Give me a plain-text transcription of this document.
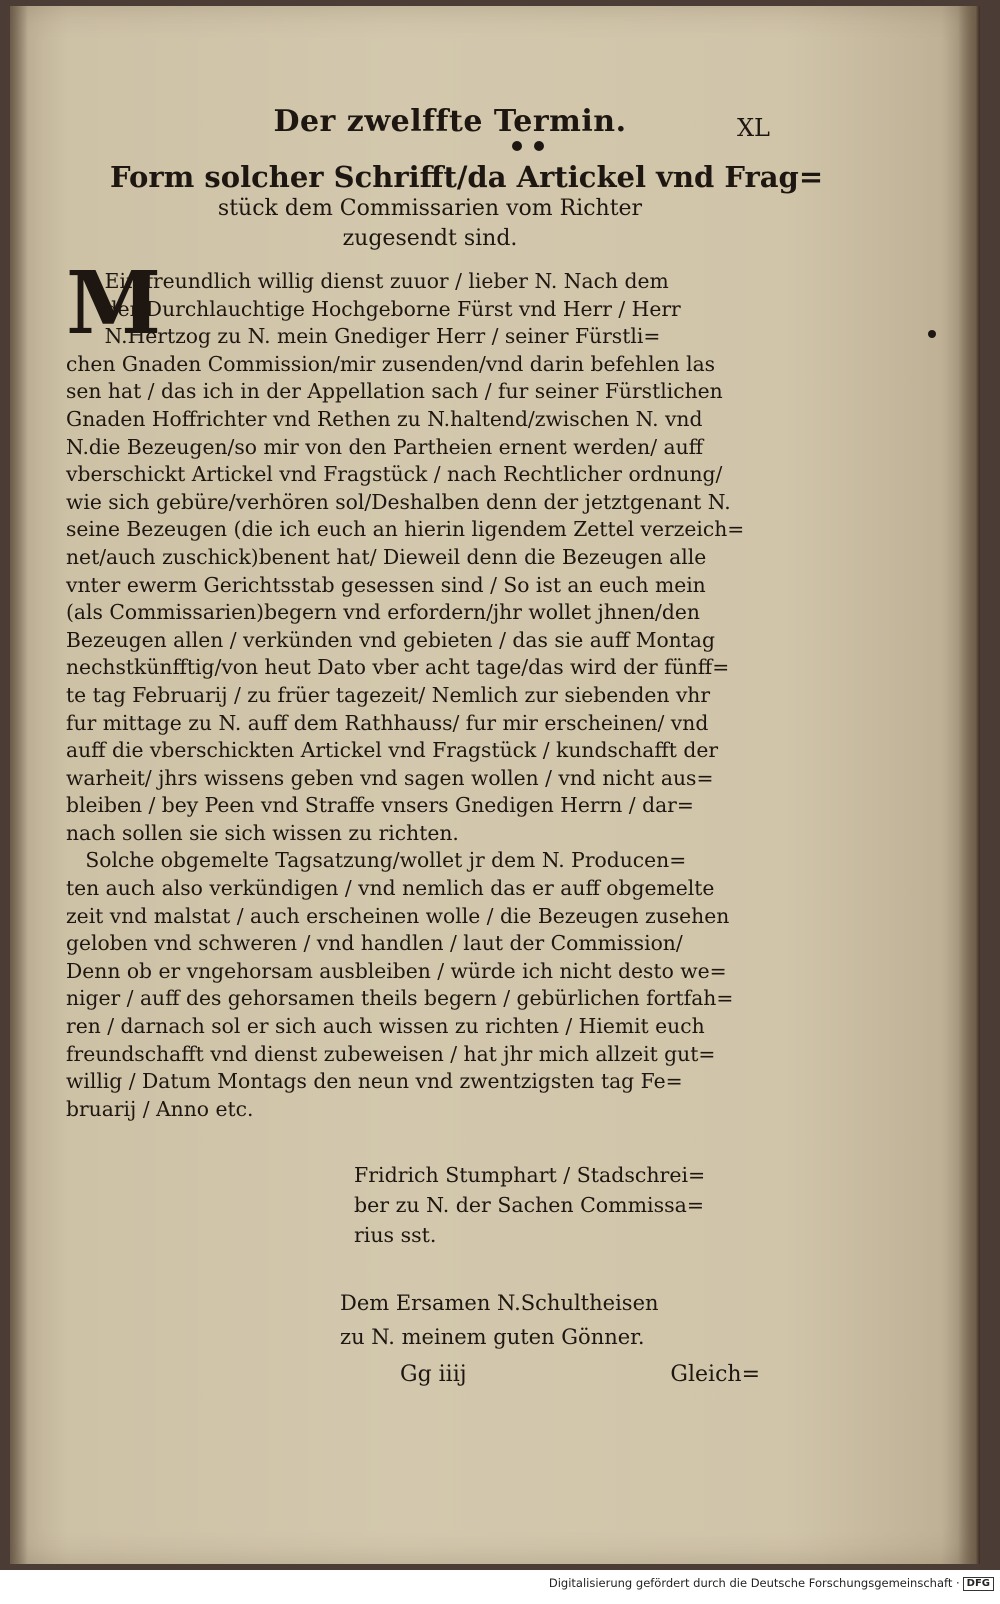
Der zwelffte Termin.	XL
Form solcher Schrifft/da Artickel vnd Frag=
stück dem Commissarien vom Richter
zugesendt sind.
M
Ein freundlich willig dienst zuuor / lieber N. Nach dem
der Durchlauchtige Hochgeborne Fürst vnd Herr / Herr
N.Hertzog zu N. mein Gnediger Herr / seiner Fürstli=
chen Gnaden Commission/mir zusenden/vnd darin befehlen las
sen hat / das ich in der Appellation sach / fur seiner Fürstlichen
Gnaden Hoffrichter vnd Rethen zu N.haltend/zwischen N. vnd
N.die Bezeugen/so mir von den Partheien ernent werden/ auff
vberschickt Artickel vnd Fragstück / nach Rechtlicher ordnung/
wie sich gebüre/verhören sol/Deshalben denn der jetztgenant N.
seine Bezeugen (die ich euch an hierin ligendem Zettel verzeich=
net/auch zuschick)benent hat/ Dieweil denn die Bezeugen alle
vnter ewerm Gerichtsstab gesessen sind / So ist an euch mein
(als Commissarien)begern vnd erfordern/jhr wollet jhnen/den
Bezeugen allen / verkünden vnd gebieten / das sie auff Montag
nechstkünfftig/von heut Dato vber acht tage/das wird der fünff=
te tag Februarij / zu früer tagezeit/ Nemlich zur siebenden vhr
fur mittage zu N. auff dem Rathhauss/ fur mir erscheinen/ vnd
auff die vberschickten Artickel vnd Fragstück / kundschafft der
warheit/ jhrs wissens geben vnd sagen wollen / vnd nicht aus=
bleiben / bey Peen vnd Straffe vnsers Gnedigen Herrn / dar=
nach sollen sie sich wissen zu richten.
Solche obgemelte Tagsatzung/wollet jr dem N. Producen=
ten auch also verkündigen / vnd nemlich das er auff obgemelte
zeit vnd malstat / auch erscheinen wolle / die Bezeugen zusehen
geloben vnd schweren / vnd handlen / laut der Commission/
Denn ob er vngehorsam ausbleiben / würde ich nicht desto we=
niger / auff des gehorsamen theils begern / gebürlichen fortfah=
ren / darnach sol er sich auch wissen zu richten / Hiemit euch
freundschafft vnd dienst zubeweisen / hat jhr mich allzeit gut=
willig / Datum Montags den neun vnd zwentzigsten tag Fe=
bruarij / Anno etc.
Fridrich Stumphart / Stadschrei=
ber zu N. der Sachen Commissa=
rius sst.
Dem Ersamen N.Schultheisen
zu N. meinem guten Gönner.
Gg iiij	Gleich=
Digitalisierung gefördert durch die Deutsche Forschungsgemeinschaft · DFG
